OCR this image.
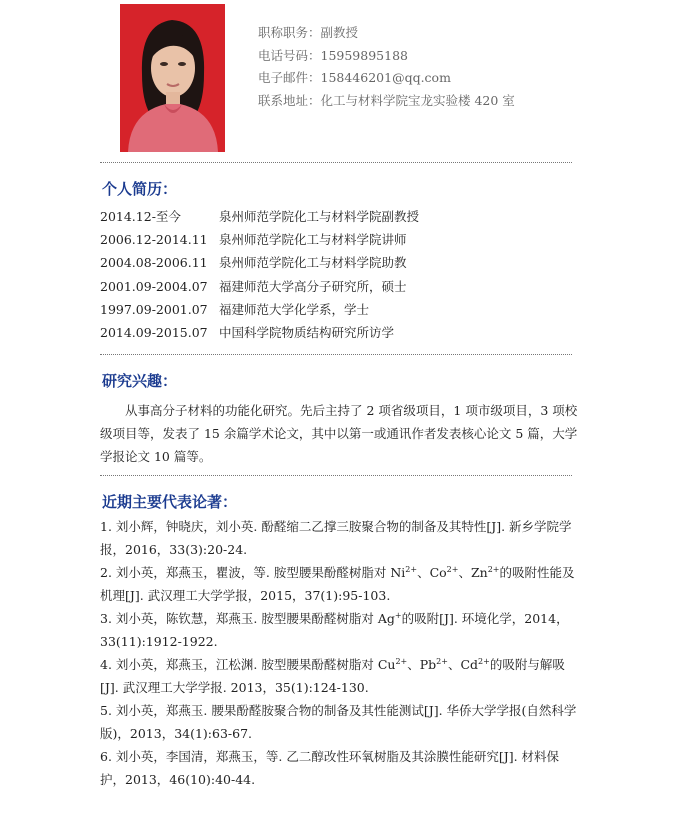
职称职务：副教授
电话号码：15959895188
电子邮件：158446201@qq.com
联系地址：化工与材料学院宝龙实验楼 420 室
个人简历：
2014.12-至今	泉州师范学院化工与材料学院副教授
2006.12-2014.11 泉州师范学院化工与材料学院讲师
2004.08-2006.11 泉州师范学院化工与材料学院助教
2001.09-2004.07 福建师范大学高分子研究所，硕士
1997.09-2001.07 福建师范大学化学系，学士
2014.09-2015.07 中国科学院物质结构研究所访学
研究兴趣：
从事高分子材料的功能化研究。先后主持了 2 项省级项目，1 项市级项目，3 项校级项目等，发表了 15 余篇学术论文，其中以第一或通讯作者发表核心论文 5 篇，大学学报论文 10 篇等。
近期主要代表论著：

1. 刘小辉，钟晓庆，刘小英. 酚醛缩二乙撑三胺聚合物的制备及其特性[J]. 新乡学院学报，2016，33(3):20-24.

2. 刘小英，郑燕玉，瞿波，等. 胺型腰果酚醛树脂对 $Ni^{2+}$、$Co^{2+}$、$Zn^{2+}$的吸附性能及机理[J]. 武汉理工大学学报，2015，37(1):95-103.

3. 刘小英，陈钦慧，郑燕玉. 胺型腰果酚醛树脂对 Ag+的吸附[J]. 环境化学，2014，33(11):1912-1922.

4. 刘小英，郑燕玉，江松渊. 胺型腰果酚醛树脂对 $Cu^{2+}$、$Pb^{2+}$、$Cd^{2+}$的吸附与解吸[J]. 武汉理工大学学报. 2013，35(1):124-130.

5. 刘小英，郑燕玉. 腰果酚醛胺聚合物的制备及其性能测试[J]. 华侨大学学报(自然科学版)，2013，34(1):63-67.

6. 刘小英，李国清，郑燕玉，等. 乙二醇改性环氧树脂及其涂膜性能研究[J]. 材料保护，2013，46(10):40-44.
